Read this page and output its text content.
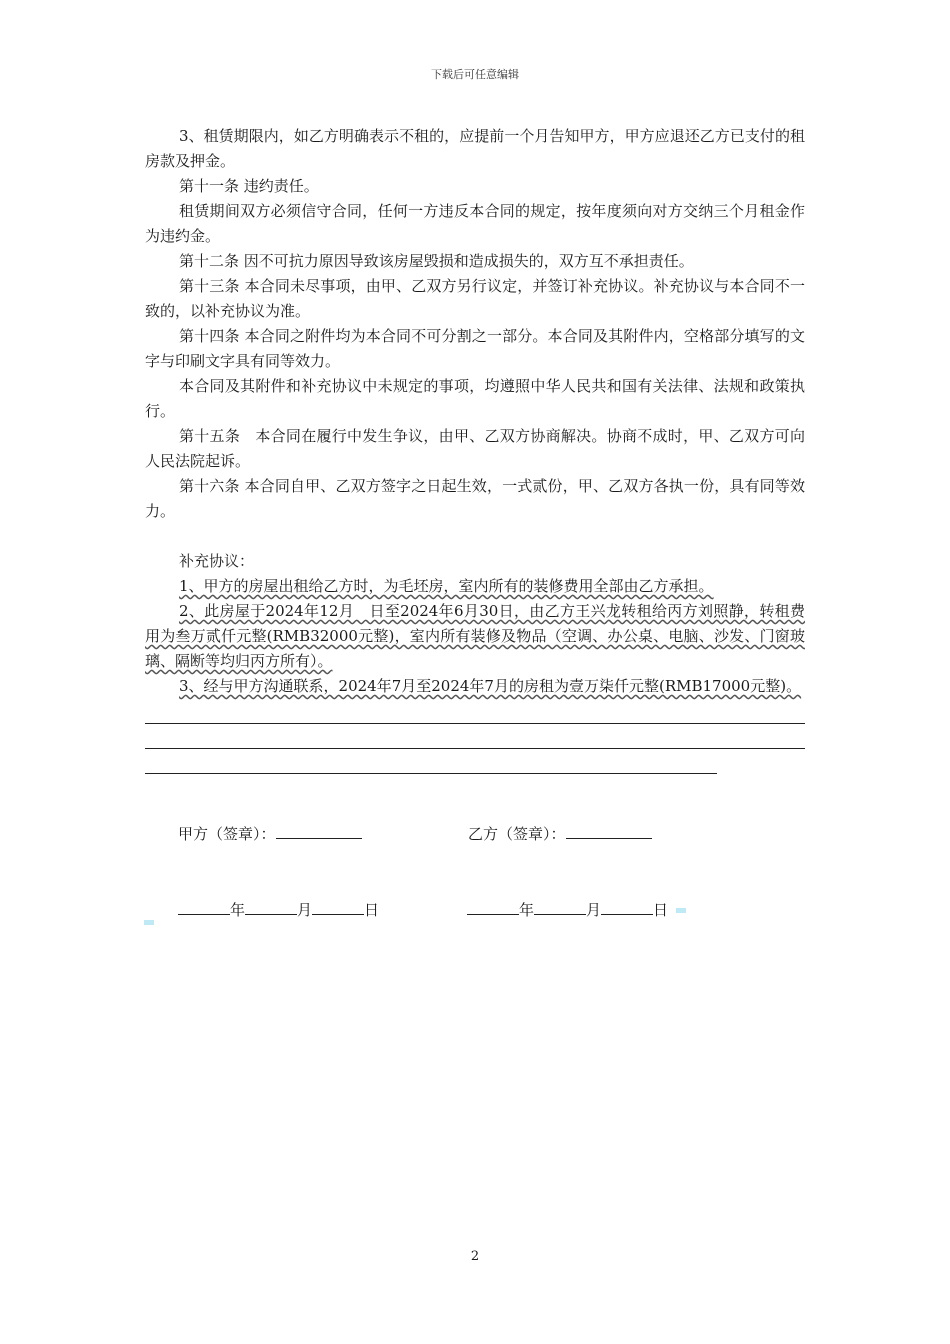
下载后可任意编辑

3、租赁期限内，如乙方明确表示不租的，应提前一个月告知甲方，甲方应退还乙方已支付的租房款及押金。

第十一条 违约责任。

租赁期间双方必须信守合同，任何一方违反本合同的规定，按年度须向对方交纳三个月租金作为违约金。

第十二条 因不可抗力原因导致该房屋毁损和造成损失的，双方互不承担责任。

第十三条 本合同未尽事项，由甲、乙双方另行议定，并签订补充协议。补充协议与本合同不一致的，以补充协议为准。

第十四条 本合同之附件均为本合同不可分割之一部分。本合同及其附件内，空格部分填写的文字与印刷文字具有同等效力。

本合同及其附件和补充协议中未规定的事项，均遵照中华人民共和国有关法律、法规和政策执行。

第十五条　本合同在履行中发生争议，由甲、乙双方协商解决。协商不成时，甲、乙双方可向人民法院起诉。

第十六条 本合同自甲、乙双方签字之日起生效，一式贰份，甲、乙双方各执一份，具有同等效力。

补充协议：

1、甲方的房屋出租给乙方时，为毛坯房，室内所有的装修费用全部由乙方承担。

2、此房屋于2024年12月　日至2024年6月30日，由乙方王兴龙转租给丙方刘照静，转租费用为叁万贰仟元整(RMB32000元整)，室内所有装修及物品（空调、办公桌、电脑、沙发、门窗玻璃、隔断等均归丙方所有）。

3、经与甲方沟通联系，2024年7月至2024年7月的房租为壹万柒仟元整(RMB17000元整)。

甲方（签章）：	乙方（签章）：
年	月	日	年	月	日
2
